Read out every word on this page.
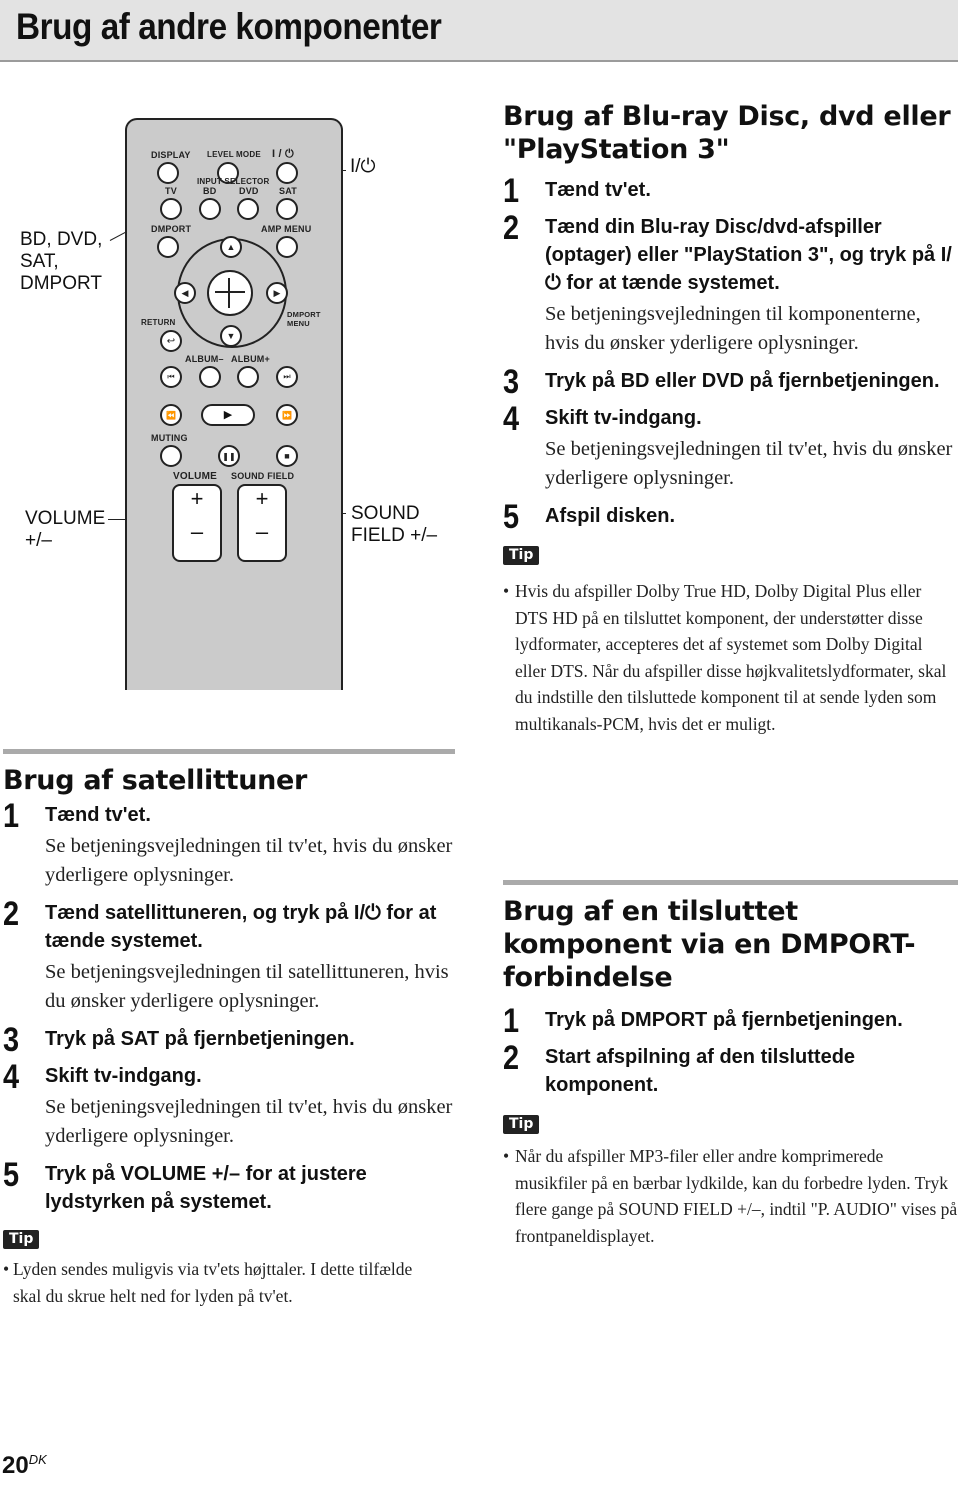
Brug af andre komponenter
BD, DVD,
SAT,
DMPORT
VOLUME
+/–
I/⏻
SOUND
FIELD +/–
DISPLAY LEVEL MODE I / ⏻
INPUT SELECTOR
TV	BD	DVD SAT
DMPORT	AMP MENU
▲
▼
◀	▶
RETURN
↩
DMPORT
MENU
ALBUM– ALBUM+
⏮	⏭
⏪	▶	⏩
MUTING
❚❚	■
VOLUME SOUND FIELD
+
–
+
–
Brug af Blu-ray Disc, dvd eller "PlayStation 3"
1 Tænd tv'et.
2 Tænd din Blu-ray Disc/dvd-afspiller (optager) eller "PlayStation 3", og tryk på I/⏻ for at tænde systemet.
Se betjeningsvejledningen til komponenterne, hvis du ønsker yderligere oplysninger.
3 Tryk på BD eller DVD på fjernbetjeningen.
4 Skift tv-indgang.
Se betjeningsvejledningen til tv'et, hvis du ønsker yderligere oplysninger.
5 Afspil disken.
Tip
• Hvis du afspiller Dolby True HD, Dolby Digital Plus eller DTS HD på en tilsluttet komponent, der understøtter disse lydformater, accepteres det af systemet som Dolby Digital eller DTS. Når du afspiller disse højkvalitetslydformater, skal du indstille den tilsluttede komponent til at sende lyden som multikanals-PCM, hvis det er muligt.
Brug af en tilsluttet komponent via en DMPORT-forbindelse
1 Tryk på DMPORT på fjernbetjeningen.
2 Start afspilning af den tilsluttede komponent.
Tip
• Når du afspiller MP3-filer eller andre komprimerede musikfiler på en bærbar lydkilde, kan du forbedre lyden. Tryk flere gange på SOUND FIELD +/–, indtil "P. AUDIO" vises på frontpaneldisplayet.
Brug af satellittuner
1 Tænd tv'et.
Se betjeningsvejledningen til tv'et, hvis du ønsker yderligere oplysninger.
2 Tænd satellittuneren, og tryk på I/⏻ for at tænde systemet.
Se betjeningsvejledningen til satellittuneren, hvis du ønsker yderligere oplysninger.
3 Tryk på SAT på fjernbetjeningen.
4 Skift tv-indgang.
Se betjeningsvejledningen til tv'et, hvis du ønsker yderligere oplysninger.
5 Tryk på VOLUME +/– for at justere lydstyrken på systemet.
Tip
• Lyden sendes muligvis via tv'ets højttaler. I dette tilfælde skal du skrue helt ned for lyden på tv'et.
$20^{DK}$
